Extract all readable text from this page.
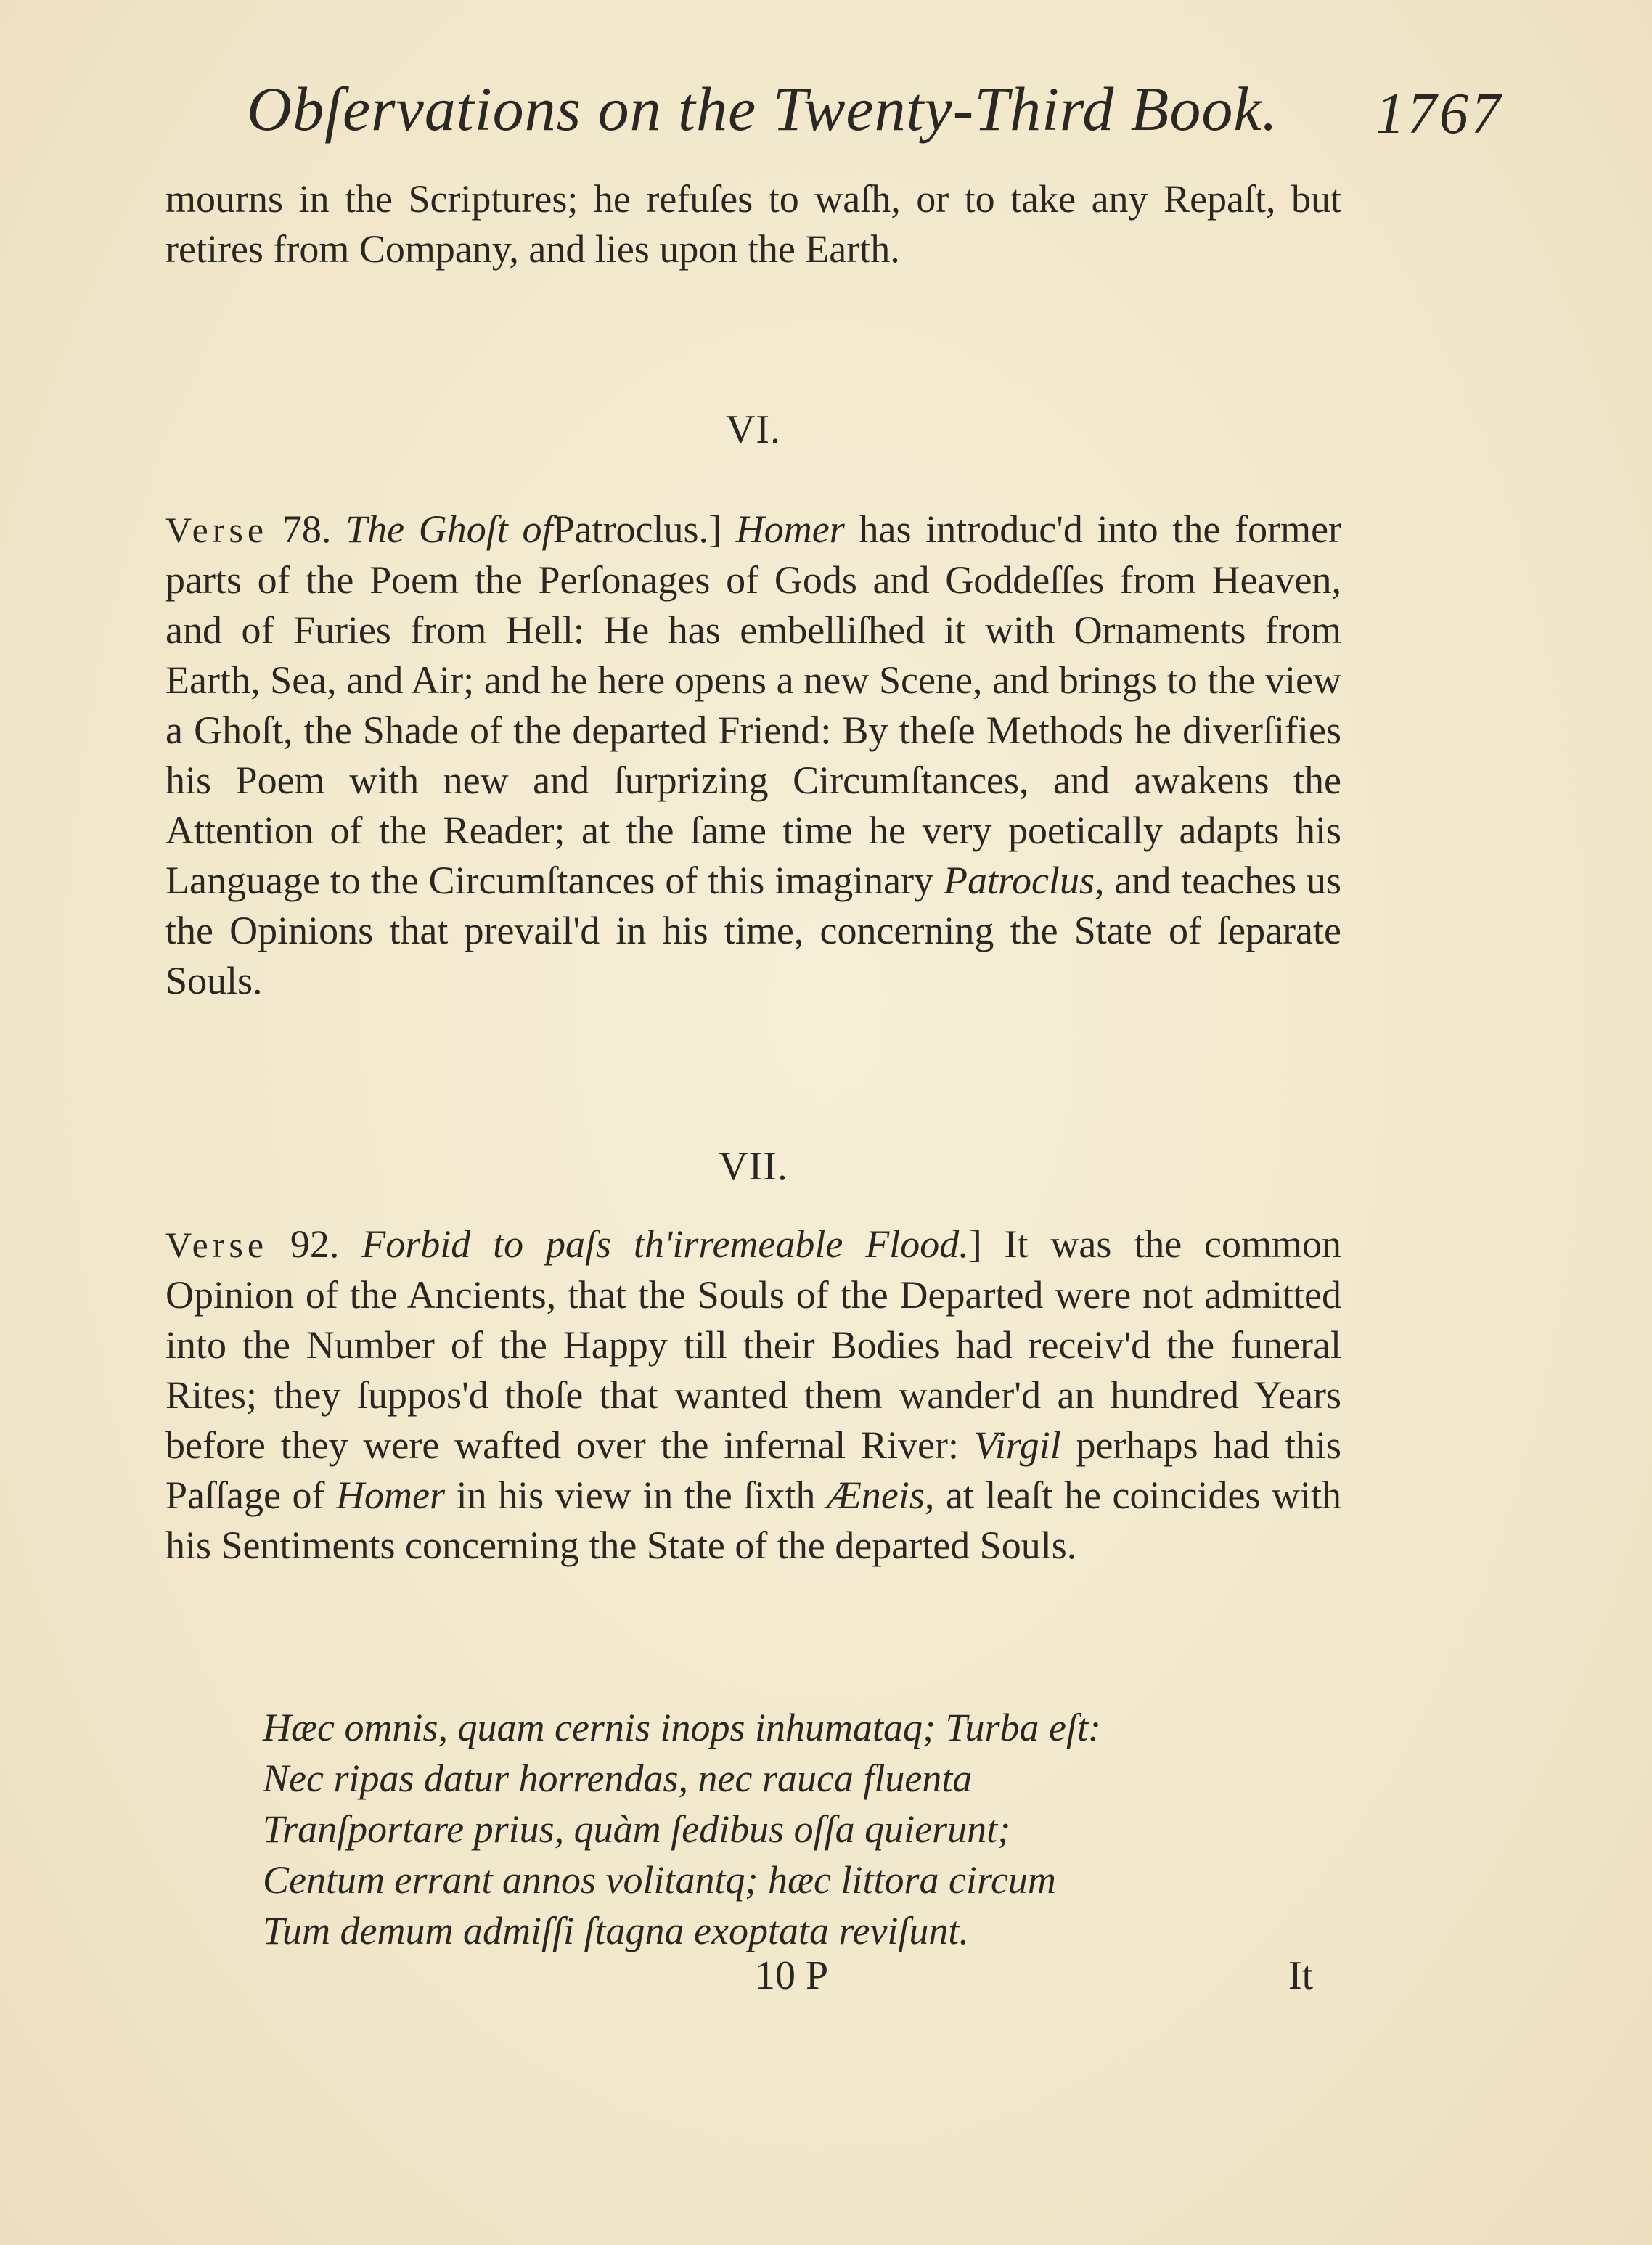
Obſervations on the Twenty-Third Book. 1767

mourns in the Scriptures; he refuſes to waſh, or to take any Repaſt, but retires from Company, and lies upon the Earth.

VI.

Verse 78. The Ghoſt ofPatroclus.] Homer has introduc'd into the former parts of the Poem the Perſonages of Gods and Goddeſſes from Heaven, and of Furies from Hell: He has embelliſhed it with Ornaments from Earth, Sea, and Air; and he here opens a new Scene, and brings to the view a Ghoſt, the Shade of the departed Friend: By theſe Methods he diverſifies his Poem with new and ſurprizing Circumſtances, and awakens the Attention of the Reader; at the ſame time he very poetically adapts his Language to the Circumſtances of this imaginary Patroclus, and teaches us the Opinions that prevail'd in his time, concerning the State of ſeparate Souls.

VII.

Verse 92. Forbid to paſs th'irremeable Flood.] It was the common Opinion of the Ancients, that the Souls of the Departed were not admitted into the Number of the Happy till their Bodies had receiv'd the funeral Rites; they ſuppos'd thoſe that wanted them wander'd an hundred Years before they were wafted over the infernal River: Virgil perhaps had this Paſſage of Homer in his view in the ſixth Æneis, at leaſt he coincides with his Sentiments concerning the State of the departed Souls.

Hæc omnis, quam cernis inops inhumataq; Turba eſt:
Nec ripas datur horrendas, nec rauca fluenta
Tranſportare prius, quàm ſedibus oſſa quierunt;
Centum errant annos volitantq; hæc littora circum
Tum demum admiſſi ſtagna exoptata reviſunt.
10 P	It
